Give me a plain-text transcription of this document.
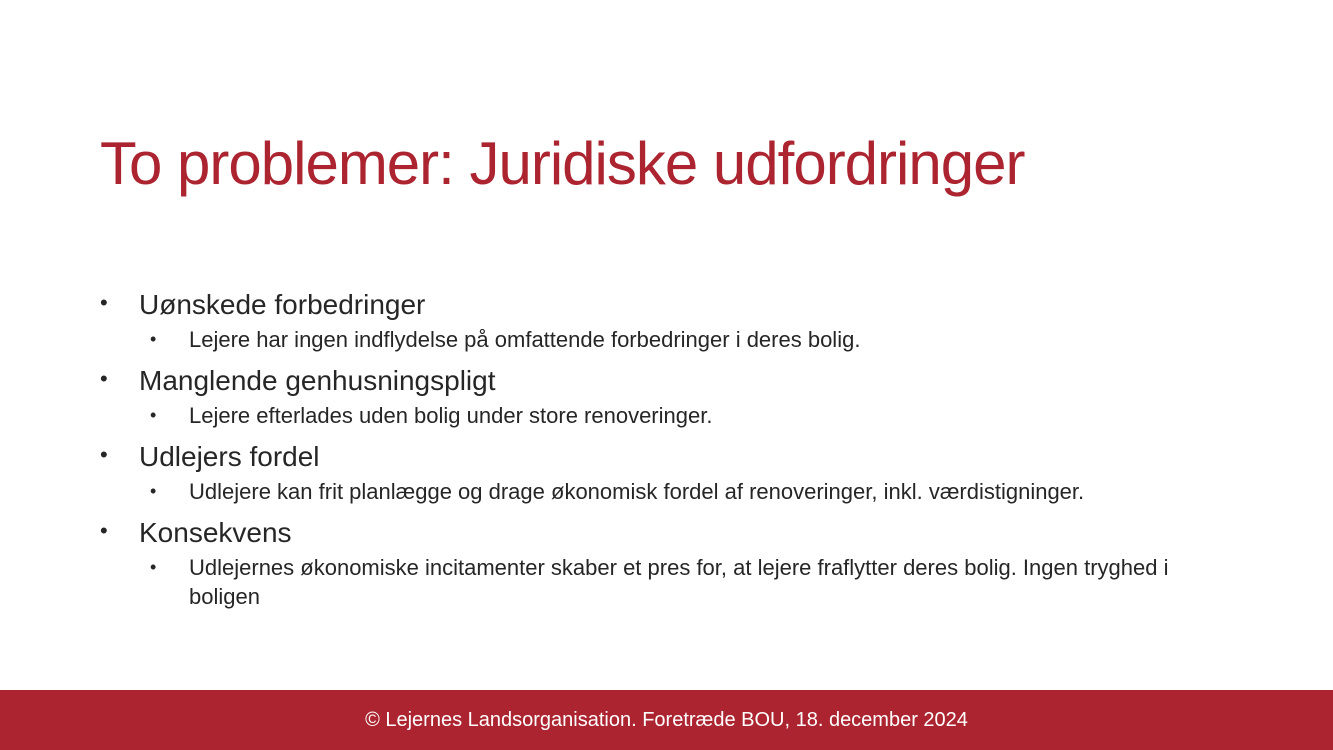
To problemer: Juridiske udfordringer
• Uønskede forbedringer
• Lejere har ingen indflydelse på omfattende forbedringer i deres bolig.
• Manglende genhusningspligt
• Lejere efterlades uden bolig under store renoveringer.
• Udlejers fordel
• Udlejere kan frit planlægge og drage økonomisk fordel af renoveringer, inkl. værdistigninger.
• Konsekvens
• Udlejernes økonomiske incitamenter skaber et pres for, at lejere fraflytter deres bolig. Ingen tryghed i boligen
© Lejernes Landsorganisation. Foretræde BOU, 18. december 2024
